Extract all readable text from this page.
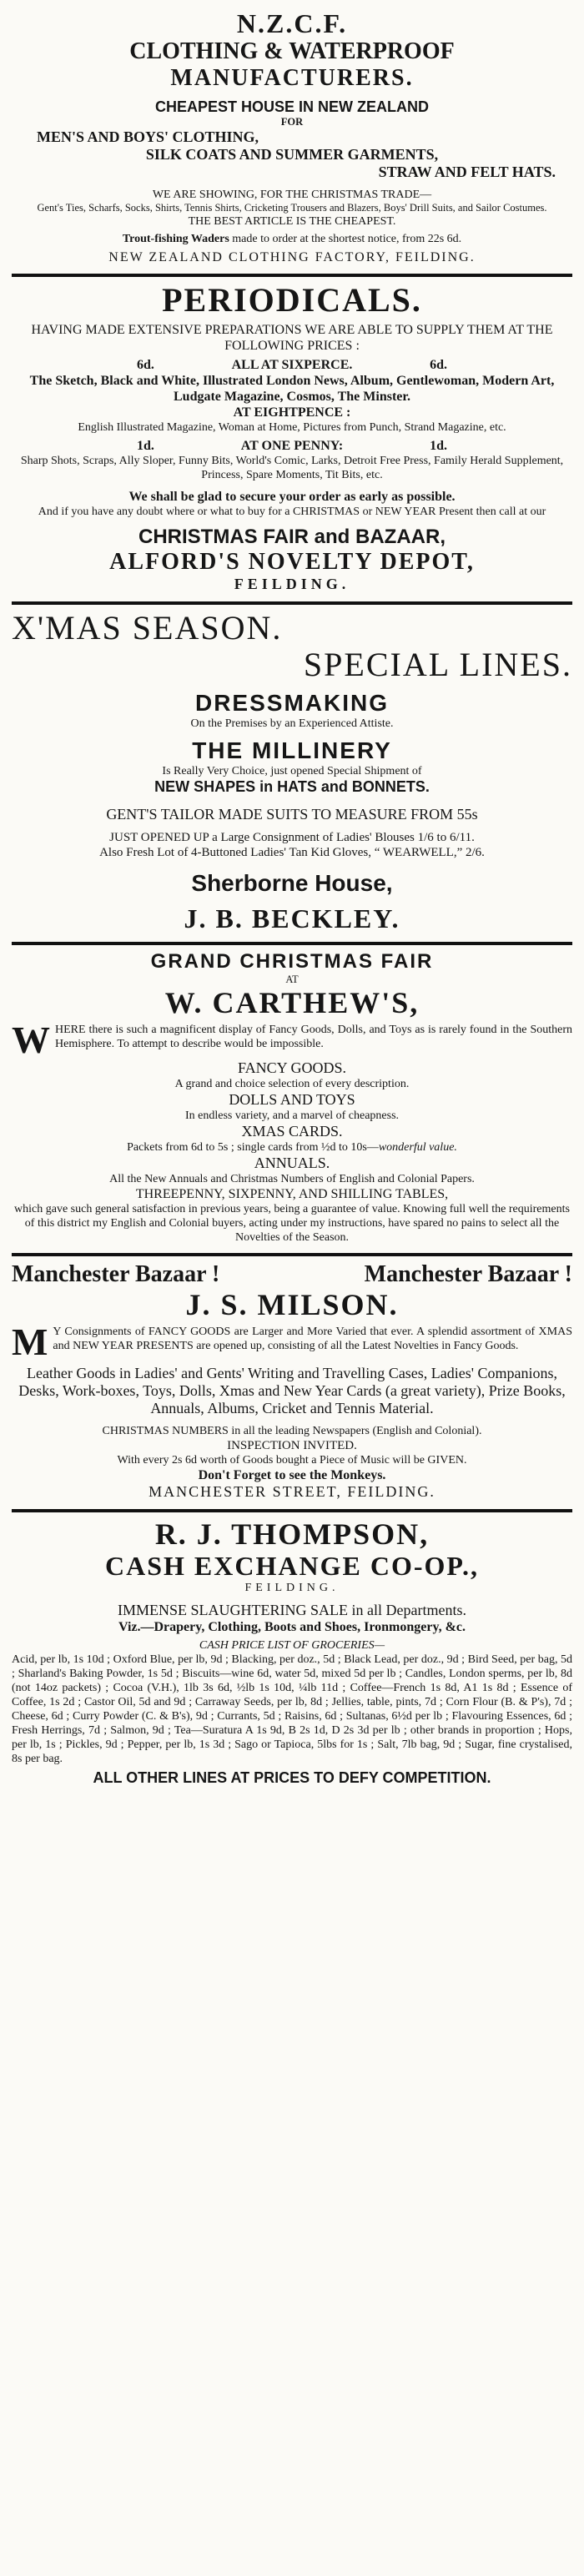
N.Z.C.F.
CLOTHING & WATERPROOF
MANUFACTURERS.
CHEAPEST HOUSE IN NEW ZEALAND
FOR
MEN'S AND BOYS' CLOTHING,
SILK COATS AND SUMMER GARMENTS,
STRAW AND FELT HATS.
WE ARE SHOWING, FOR THE CHRISTMAS TRADE—
Gent's Ties, Scharfs, Socks, Shirts, Tennis Shirts, Cricketing Trousers and Blazers, Boys' Drill Suits, and Sailor Costumes.
THE BEST ARTICLE IS THE CHEAPEST.
Trout-fishing Waders made to order at the shortest notice, from 22s 6d.
NEW ZEALAND CLOTHING FACTORY, FEILDING.
PERIODICALS.
HAVING MADE EXTENSIVE PREPARATIONS WE ARE ABLE TO SUPPLY THEM AT THE FOLLOWING PRICES :
6d.	ALL AT SIXPERCE.	6d.
The Sketch, Black and White, Illustrated London News, Album, Gentlewoman, Modern Art, Ludgate Magazine, Cosmos, The Minster.
AT EIGHTPENCE :
English Illustrated Magazine, Woman at Home, Pictures from Punch, Strand Magazine, etc.
1d.	AT ONE PENNY:	1d.
Sharp Shots, Scraps, Ally Sloper, Funny Bits, World's Comic, Larks, Detroit Free Press, Family Herald Supplement, Princess, Spare Moments, Tit Bits, etc.
We shall be glad to secure your order as early as possible.
And if you have any doubt where or what to buy for a CHRISTMAS or NEW YEAR Present then call at our
CHRISTMAS FAIR and BAZAAR,
ALFORD'S NOVELTY DEPOT,
FEILDING.
X'MAS SEASON.
SPECIAL LINES.
DRESSMAKING
On the Premises by an Experienced Attiste.
THE MILLINERY
Is Really Very Choice, just opened Special Shipment of
NEW SHAPES in HATS and BONNETS.
GENT'S TAILOR MADE SUITS TO MEASURE FROM 55s
JUST OPENED UP a Large Consignment of Ladies' Blouses 1/6 to 6/11.
Also Fresh Lot of 4-Buttoned Ladies' Tan Kid Gloves, “ WEARWELL,” 2/6.
Sherborne House,
J. B. BECKLEY.
GRAND CHRISTMAS FAIR
AT
W. CARTHEW'S,
WHERE there is such a magnificent display of Fancy Goods, Dolls, and Toys as is rarely found in the Southern Hemisphere. To attempt to describe would be impossible.
FANCY GOODS.
A grand and choice selection of every description.
DOLLS AND TOYS
In endless variety, and a marvel of cheapness.
XMAS CARDS.
Packets from 6d to 5s ; single cards from ½d to 10s—wonderful value.
ANNUALS.
All the New Annuals and Christmas Numbers of English and Colonial Papers.
THREEPENNY, SIXPENNY, AND SHILLING TABLES,
which gave such general satisfaction in previous years, being a guarantee of value. Knowing full well the requirements of this district my English and Colonial buyers, acting under my instructions, have spared no pains to select all the Novelties of the Season.
Manchester Bazaar !	Manchester Bazaar !
J. S. MILSON.
M Y Consignments of FANCY GOODS are Larger and More Varied that ever. A splendid assortment of XMAS and NEW YEAR PRESENTS are opened up, consisting of all the Latest Novelties in Fancy Goods.
Leather Goods in Ladies' and Gents' Writing and Travelling Cases, Ladies' Companions, Desks, Work-boxes, Toys, Dolls, Xmas and New Year Cards (a great variety), Prize Books, Annuals, Albums, Cricket and Tennis Material.
CHRISTMAS NUMBERS in all the leading Newspapers (English and Colonial).
INSPECTION INVITED.
With every 2s 6d worth of Goods bought a Piece of Music will be GIVEN.
Don't Forget to see the Monkeys.
MANCHESTER STREET, FEILDING.
R. J. THOMPSON,
CASH EXCHANGE CO-OP.,
FEILDING.
IMMENSE SLAUGHTERING SALE in all Departments.
Viz.—Drapery, Clothing, Boots and Shoes, Ironmongery, &c.
CASH PRICE LIST OF GROCERIES—
Acid, per lb, 1s 10d ; Oxford Blue, per lb, 9d ; Blacking, per doz., 5d ; Black Lead, per doz., 9d ; Bird Seed, per bag, 5d ; Sharland's Baking Powder, 1s 5d ; Biscuits—wine 6d, water 5d, mixed 5d per lb ; Candles, London sperms, per lb, 8d (not 14oz packets) ; Cocoa (V.H.), 1lb 3s 6d, ½lb 1s 10d, ¼lb 11d ; Coffee—French 1s 8d, A1 1s 8d ; Essence of Coffee, 1s 2d ; Castor Oil, 5d and 9d ; Carraway Seeds, per lb, 8d ; Jellies, table, pints, 7d ; Corn Flour (B. & P's), 7d ; Cheese, 6d ; Curry Powder (C. & B's), 9d ; Currants, 5d ; Raisins, 6d ; Sultanas, 6½d per lb ; Flavouring Essences, 6d ; Fresh Herrings, 7d ; Salmon, 9d ; Tea—Suratura A 1s 9d, B 2s 1d, D 2s 3d per lb ; other brands in proportion ; Hops, per lb, 1s ; Pickles, 9d ; Pepper, per lb, 1s 3d ; Sago or Tapioca, 5lbs for 1s ; Salt, 7lb bag, 9d ; Sugar, fine crystalised, 8s per bag.
ALL OTHER LINES AT PRICES TO DEFY COMPETITION.
